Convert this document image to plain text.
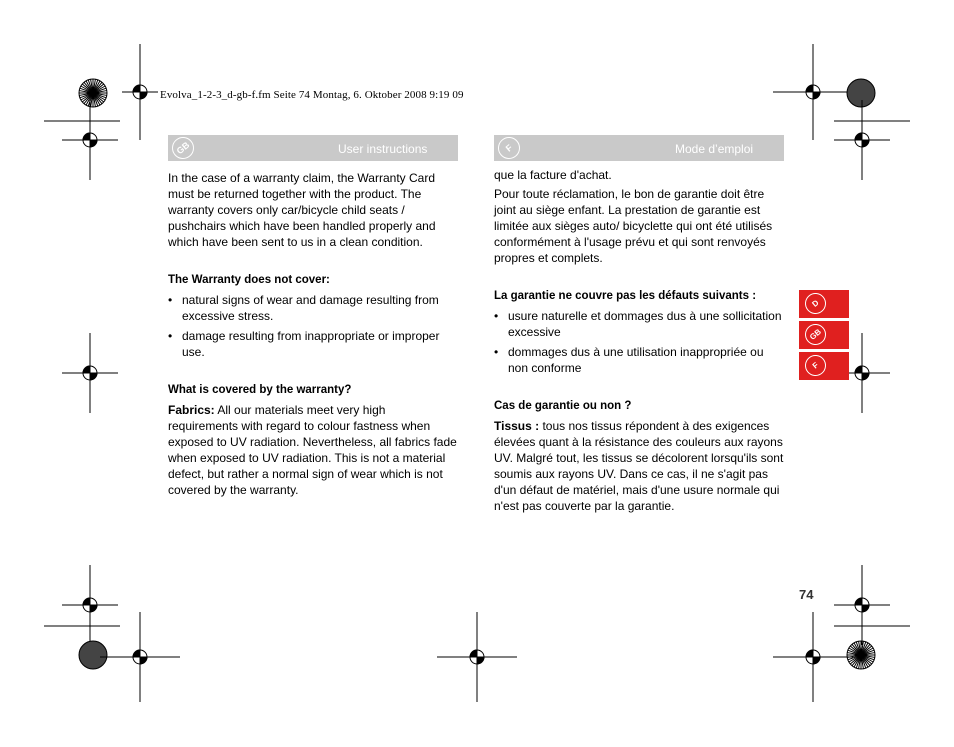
Evolva_1-2-3_d-gb-f.fm Seite 74 Montag, 6. Oktober 2008 9:19 09
GB	User instructions

In the case of a warranty claim, the Warranty Card must be returned together with the product. The warranty covers only car/bicycle child seats / pushchairs which have been handled properly and which have been sent to us in a clean condition.

The Warranty does not cover:

• natural signs of wear and damage resulting from excessive stress.
• damage resulting from inappropriate or improper use.

What is covered by the warranty?

Fabrics: All our materials meet very high requirements with regard to colour fastness when exposed to UV radiation. Nevertheless, all fabrics fade when exposed to UV radiation. This is not a material defect, but rather a normal sign of wear which is not covered by the warranty.

F	Mode d’emploi

que la facture d'achat.

Pour toute réclamation, le bon de garantie doit être joint au siège enfant. La prestation de garantie est limitée aux sièges auto/ bicyclette qui ont été utilisés conformément à l'usage prévu et qui sont renvoyés propres et complets.

La garantie ne couvre pas les défauts suivants :

• usure naturelle et dommages dus à une sollicitation excessive
• dommages dus à une utilisation inappropriée ou non conforme

Cas de garantie ou non ?

Tissus : tous nos tissus répondent à des exigences élevées quant à la résistance des couleurs aux rayons UV. Malgré tout, les tissus se décolorent lorsqu'ils sont soumis aux rayons UV. Dans ce cas, il ne s'agit pas d'un défaut de matériel, mais d'une usure normale qui n'est pas couverte par la garantie.

D
GB
F
74
